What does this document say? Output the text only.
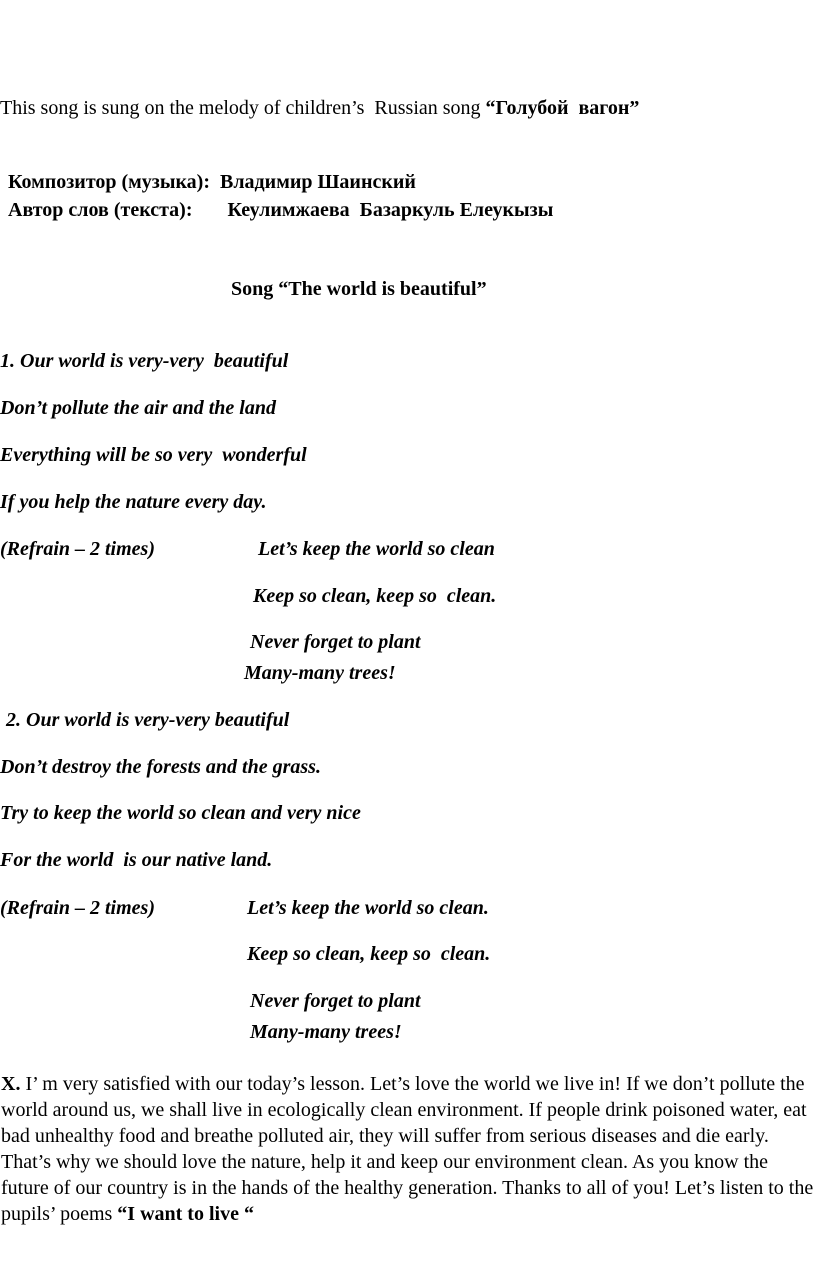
This song is sung on the melody of children’s  Russian song “Голубой  вагон”

Композитор (музыка):  Владимир Шаинский

Автор слов (текста):       Кеулимжаева  Базаркуль Елеукызы

Song “The world is beautiful”

1. Our world is very-very  beautiful

Don’t pollute the air and the land

Everything will be so very  wonderful

If you help the nature every day.

(Refrain – 2 times)	Let’s keep the world so clean

Keep so clean, keep so  clean.

Never forget to plant

Many-many trees!

2. Our world is very-very beautiful

Don’t destroy the forests and the grass.

Try to keep the world so clean and very nice

For the world  is our native land.

(Refrain – 2 times)	Let’s keep the world so clean.

Keep so clean, keep so  clean.

Never forget to plant

Many-many trees!

X. I’ m very satisfied with our today’s lesson. Let’s love the world we live in! If we don’t pollute the world around us, we shall live in ecologically clean environment. If people drink poisoned water, eat bad unhealthy food and breathe polluted air, they will suffer from serious diseases and die early. That’s why we should love the nature, help it and keep our environment clean. As you know the future of our country is in the hands of the healthy generation. Thanks to all of you! Let’s listen to the pupils’ poems “I want to live “
